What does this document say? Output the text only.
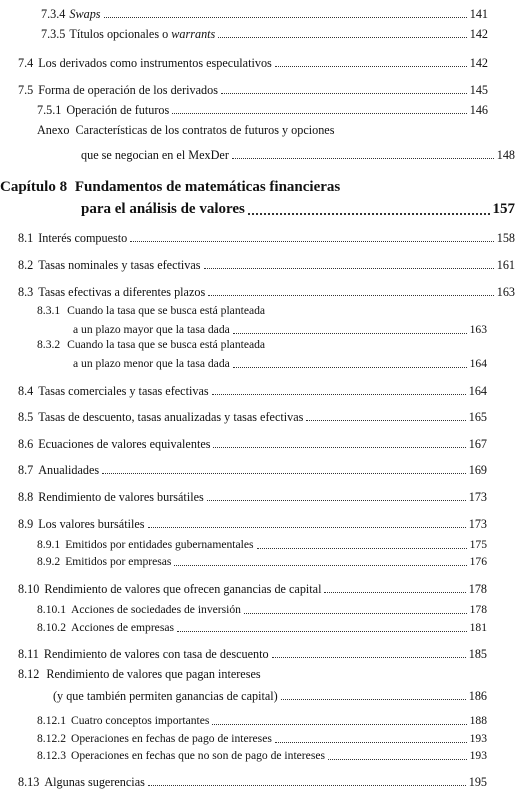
7.3.4 Swaps	141
7.3.5 Títulos opcionales o warrants	142
7.4 Los derivados como instrumentos especulativos	142
7.5 Forma de operación de los derivados	145
7.5.1 Operación de futuros	146
Anexo Características de los contratos de futuros y opciones
que se negocian en el MexDer	148
Capítulo 8 Fundamentos de matemáticas financieras
para el análisis de valores	157
8.1 Interés compuesto	158
8.2 Tasas nominales y tasas efectivas	161
8.3 Tasas efectivas a diferentes plazos	163
8.3.1 Cuando la tasa que se busca está planteada
a un plazo mayor que la tasa dada	163
8.3.2 Cuando la tasa que se busca está planteada
a un plazo menor que la tasa dada	164
8.4 Tasas comerciales y tasas efectivas	164
8.5 Tasas de descuento, tasas anualizadas y tasas efectivas	165
8.6 Ecuaciones de valores equivalentes	167
8.7 Anualidades	169
8.8 Rendimiento de valores bursátiles	173
8.9 Los valores bursátiles	173
8.9.1 Emitidos por entidades gubernamentales	175
8.9.2 Emitidos por empresas	176
8.10 Rendimiento de valores que ofrecen ganancias de capital	178
8.10.1 Acciones de sociedades de inversión	178
8.10.2 Acciones de empresas	181
8.11 Rendimiento de valores con tasa de descuento	185
8.12 Rendimiento de valores que pagan intereses
(y que también permiten ganancias de capital)	186
8.12.1 Cuatro conceptos importantes	188
8.12.2 Operaciones en fechas de pago de intereses	193
8.12.3 Operaciones en fechas que no son de pago de intereses	193
8.13 Algunas sugerencias	195
